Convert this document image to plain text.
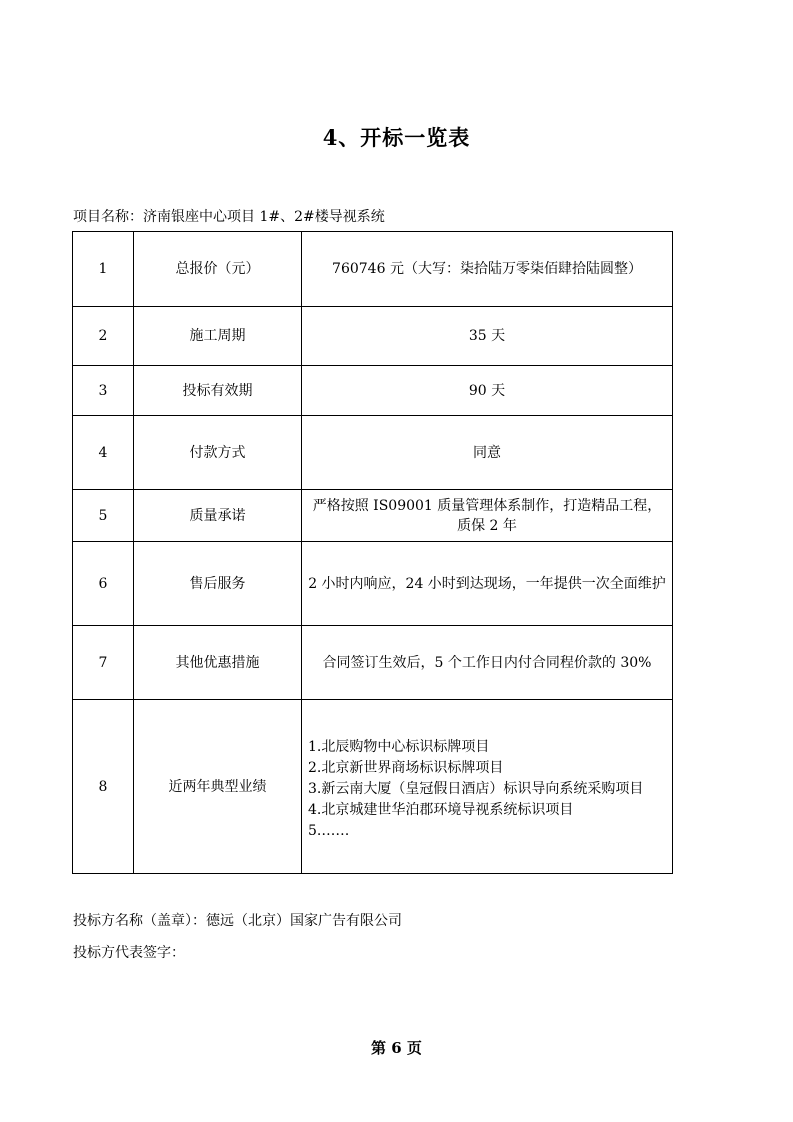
4、开标一览表
项目名称：济南银座中心项目 1#、2#楼导视系统
1	总报价（元）	760746 元（大写：柒拾陆万零柒佰肆拾陆圆整）
2	施工周期	35 天
3	投标有效期	90 天
4	付款方式	同意
5	质量承诺	严格按照 IS09001 质量管理体系制作，打造精品工程，质保 2 年
6	售后服务	2 小时内响应，24 小时到达现场，一年提供一次全面维护
7	其他优惠措施	合同签订生效后，5 个工作日内付合同程价款的 30%
8	近两年典型业绩	1.北辰购物中心标识标牌项目
2.北京新世界商场标识标牌项目
3.新云南大厦（皇冠假日酒店）标识导向系统采购项目
4.北京城建世华泊郡环境导视系统标识项目
5.……
投标方名称（盖章）：德远（北京）国家广告有限公司
投标方代表签字：
第 6 页
